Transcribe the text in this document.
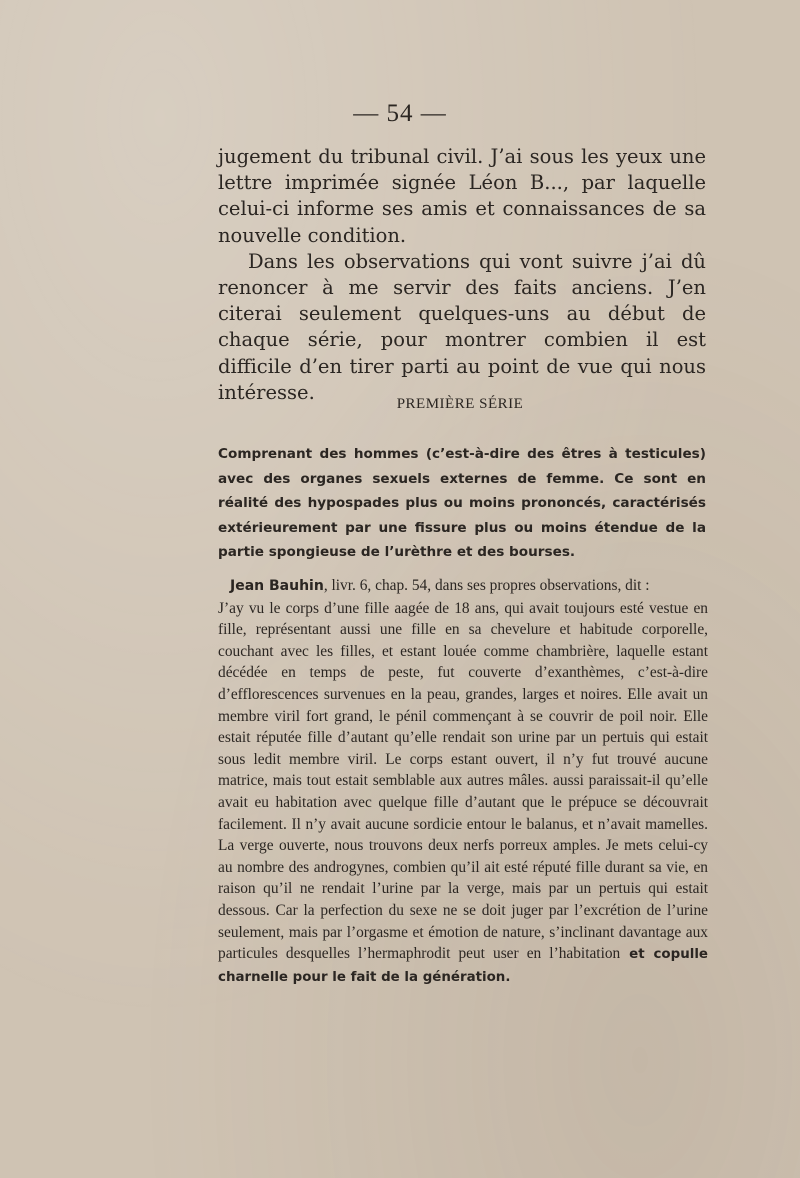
— 54 —

jugement du tribunal civil. J’ai sous les yeux une lettre imprimée signée Léon B..., par laquelle celui-ci informe ses amis et connaissances de sa nouvelle condition.

Dans les observations qui vont suivre j’ai dû renoncer à me servir des faits anciens. J’en citerai seulement quelques-uns au début de chaque série, pour montrer combien il est difficile d’en tirer parti au point de vue qui nous intéresse.

PREMIÈRE SÉRIE

Comprenant des hommes (c’est-à-dire des êtres à testicules) avec des organes sexuels externes de femme. Ce sont en réalité des hypospades plus ou moins prononcés, caractérisés extérieurement par une fissure plus ou moins étendue de la partie spongieuse de l’urèthre et des bourses.

Jean Bauhin, livr. 6, chap. 54, dans ses propres observations, dit :

J’ay vu le corps d’une fille aagée de 18 ans, qui avait toujours esté vestue en fille, représentant aussi une fille en sa chevelure et habitude corporelle, couchant avec les filles, et estant louée comme chambrière, laquelle estant décédée en temps de peste, fut couverte d’exanthèmes, c’est-à-dire d’efflorescences survenues en la peau, grandes, larges et noires. Elle avait un membre viril fort grand, le pénil commençant à se couvrir de poil noir. Elle estait réputée fille d’autant qu’elle rendait son urine par un pertuis qui estait sous ledit membre viril. Le corps estant ouvert, il n’y fut trouvé aucune matrice, mais tout estait semblable aux autres mâles. aussi paraissait-il qu’elle avait eu habitation avec quelque fille d’autant que le prépuce se découvrait facilement. Il n’y avait aucune sordicie entour le balanus, et n’avait mamelles. La verge ouverte, nous trouvons deux nerfs porreux amples. Je mets celui-cy au nombre des androgynes, combien qu’il ait esté réputé fille durant sa vie, en raison qu’il ne rendait l’urine par la verge, mais par un pertuis qui estait dessous. Car la perfection du sexe ne se doit juger par l’excrétion de l’urine seulement, mais par l’orgasme et émotion de nature, s’inclinant davantage aux particules desquelles l’hermaphrodit peut user en l’habitation et copulle charnelle pour le fait de la génération.
